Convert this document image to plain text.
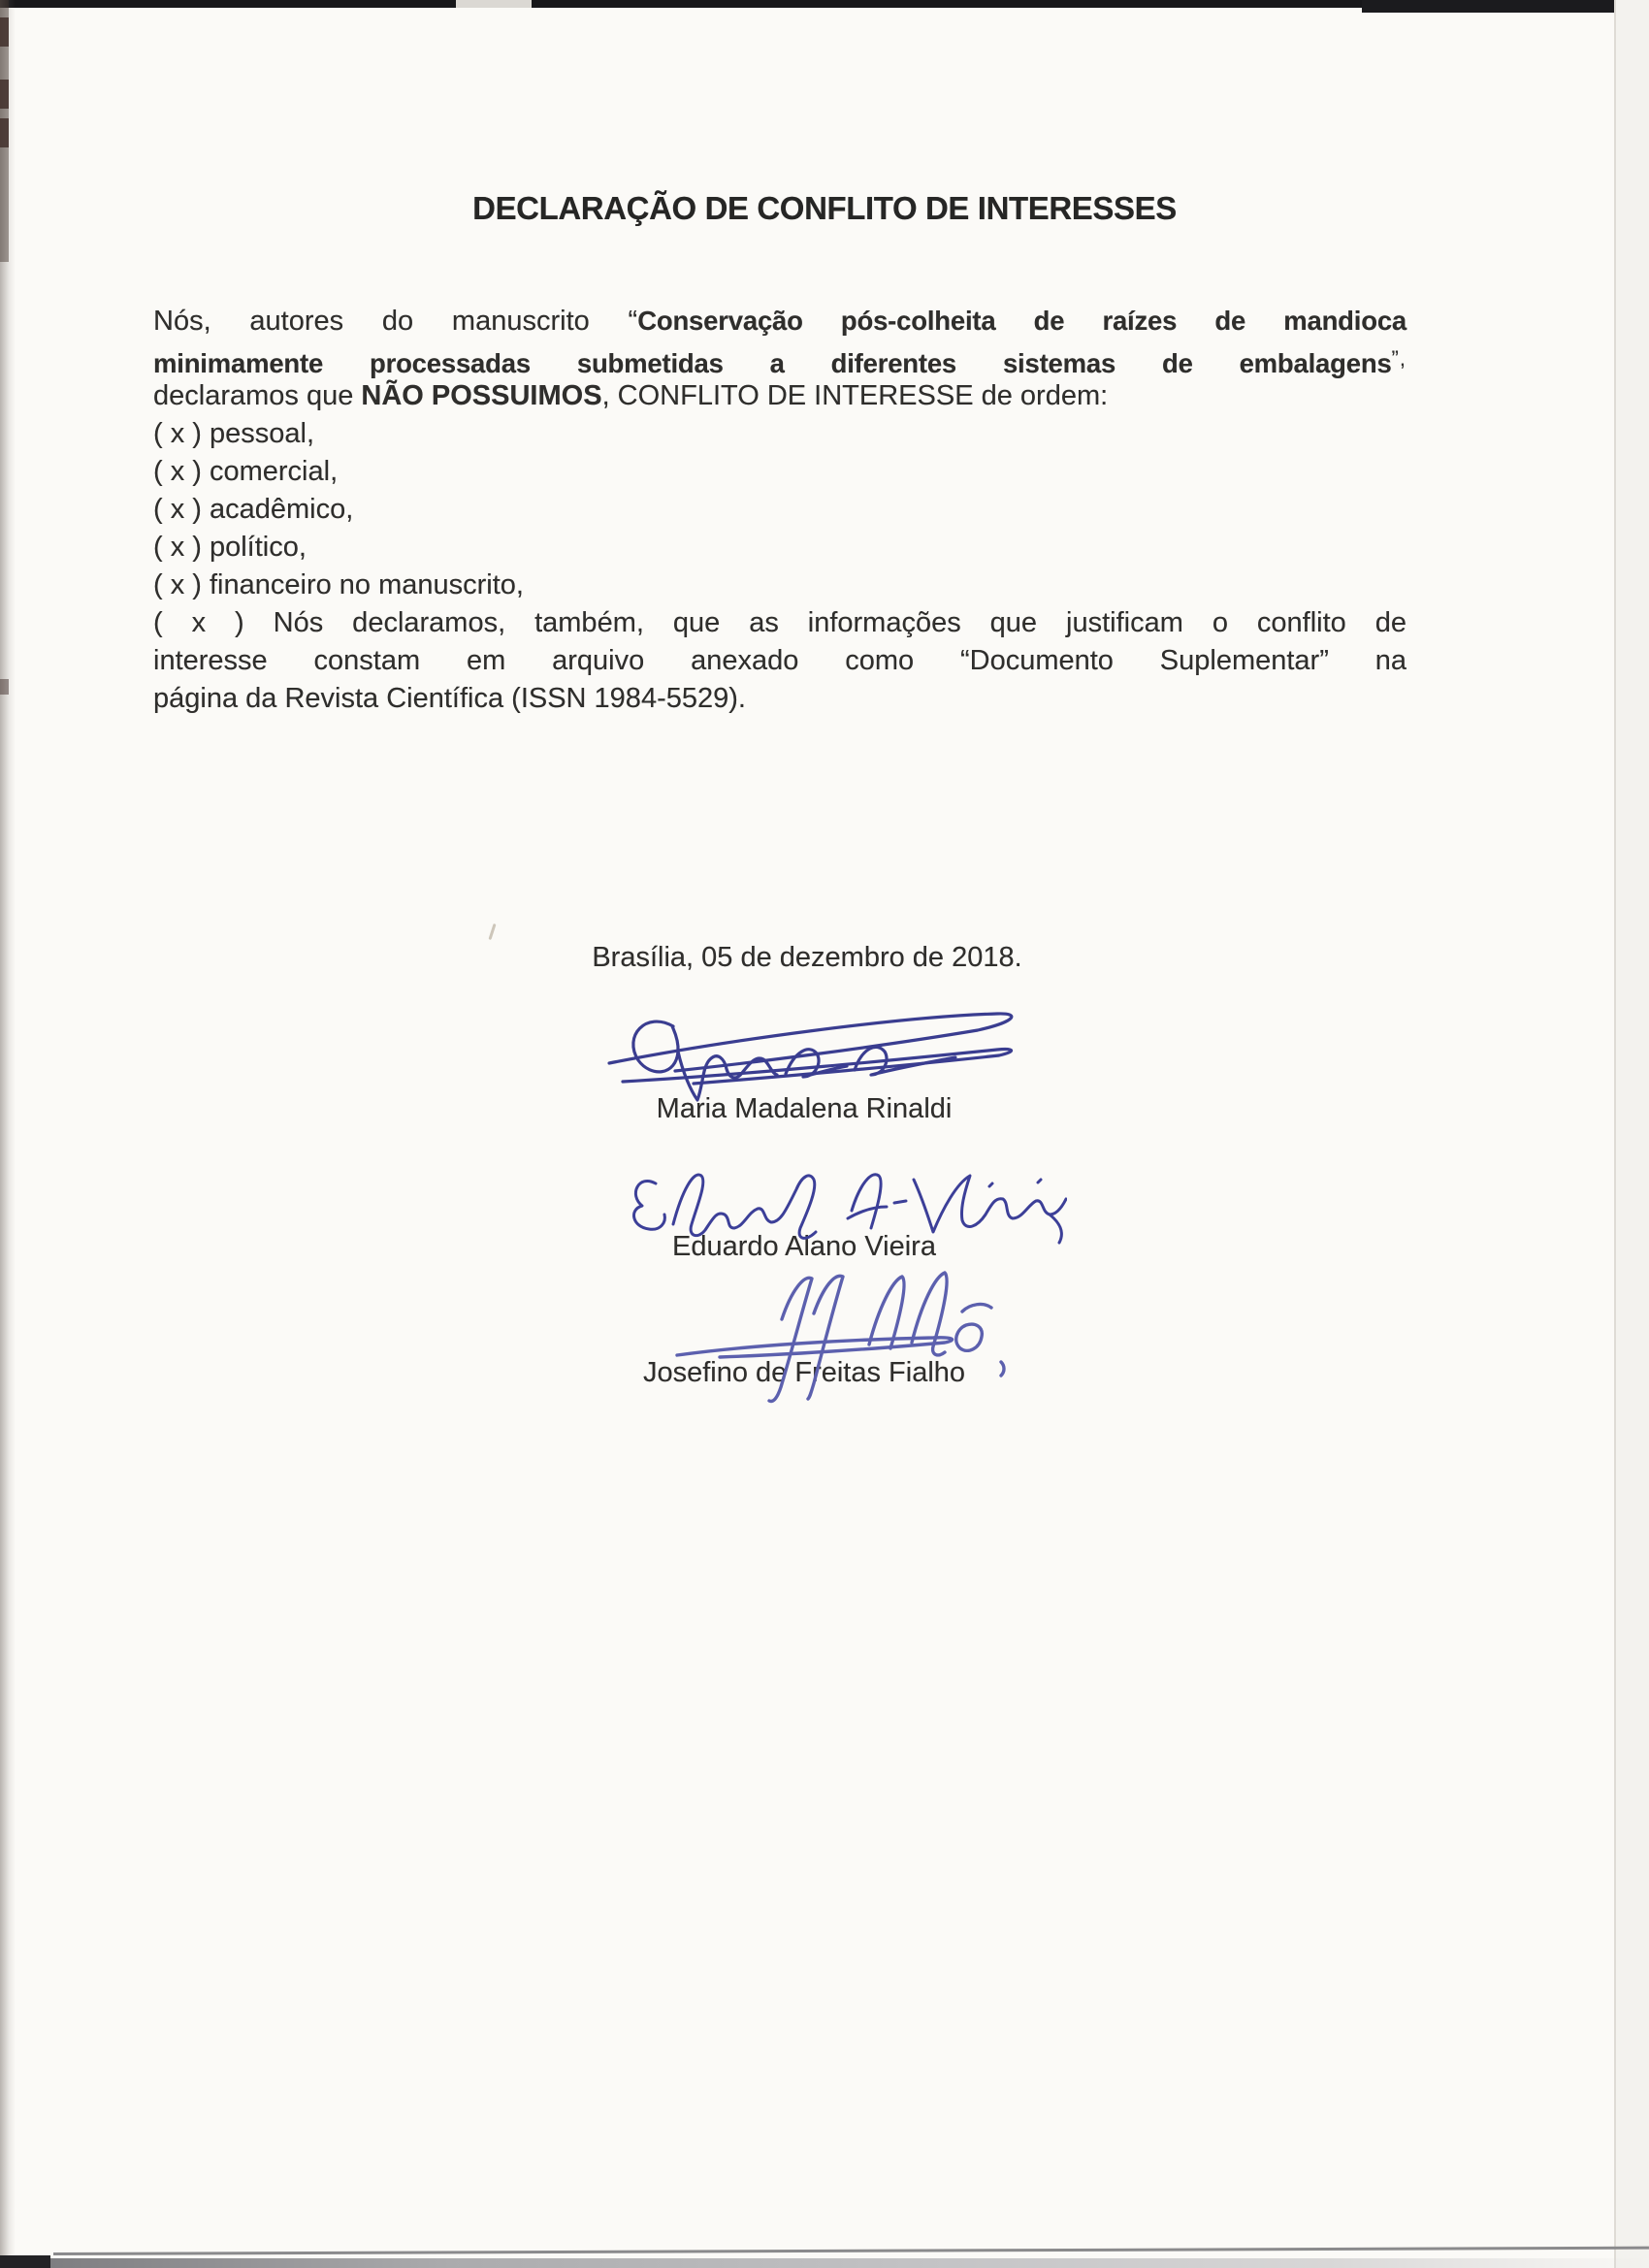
DECLARAÇÃO DE CONFLITO DE INTERESSES
Nós, autores do manuscrito “Conservação pós-colheita de raízes de mandioca
minimamente processadas submetidas a diferentes sistemas de embalagens”,
declaramos que NÃO POSSUIMOS, CONFLITO DE INTERESSE de ordem:
( x ) pessoal,
( x ) comercial,
( x ) acadêmico,
( x ) político,
( x ) financeiro no manuscrito,
( x ) Nós declaramos, também, que as informações que justificam o conflito de
interesse constam em arquivo anexado como “Documento Suplementar” na
página da Revista Científica (ISSN 1984-5529).
Brasília, 05 de dezembro de 2018.
Maria Madalena Rinaldi
Eduardo Alano Vieira
Josefino de Freitas Fialho
